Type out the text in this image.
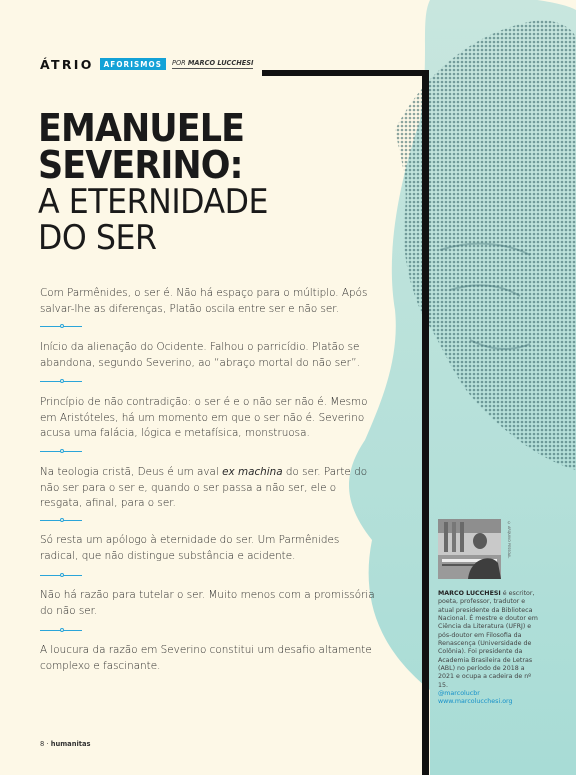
ÁTRIO	AFORISMOS	POR MARCO LUCCHESI
EMANUELE
SEVERINO:
A ETERNIDADE
DO SER
Com Parmênides, o ser é. Não há espaço para o múltiplo. Após salvar-lhe as diferenças, Platão oscila entre ser e não ser.
Início da alienação do Ocidente. Falhou o parricídio. Platão se abandona, segundo Severino, ao “abraço mortal do não ser”.
Princípio de não contradição: o ser é e o não ser não é. Mesmo em Aristóteles, há um momento em que o ser não é. Severino acusa uma falácia, lógica e metafísica, monstruosa.
Na teologia cristã, Deus é um aval ex machina do ser. Parte do não ser para o ser e, quando o ser passa a não ser, ele o resgata, afinal, para o ser.
Só resta um apólogo à eternidade do ser. Um Parmênides radical, que não distingue substância e acidente.
Não há razão para tutelar o ser. Muito menos com a promissória do não ser.
A loucura da razão em Severino constitui um desafio altamente complexo e fascinante.
© ARQUIVO PESSOAL
MARCO LUCCHESI é escritor, poeta, professor, tradutor e atual presidente da Biblioteca Nacional. É mestre e doutor em Ciência da Literatura (UFRJ) e pós-doutor em Filosofia da Renascença (Universidade de Colônia). Foi presidente da Academia Brasileira de Letras (ABL) no período de 2018 a 2021 e ocupa a cadeira de nº 15.
@marcolucbr
www.marcolucchesi.org
8 · humanitas
